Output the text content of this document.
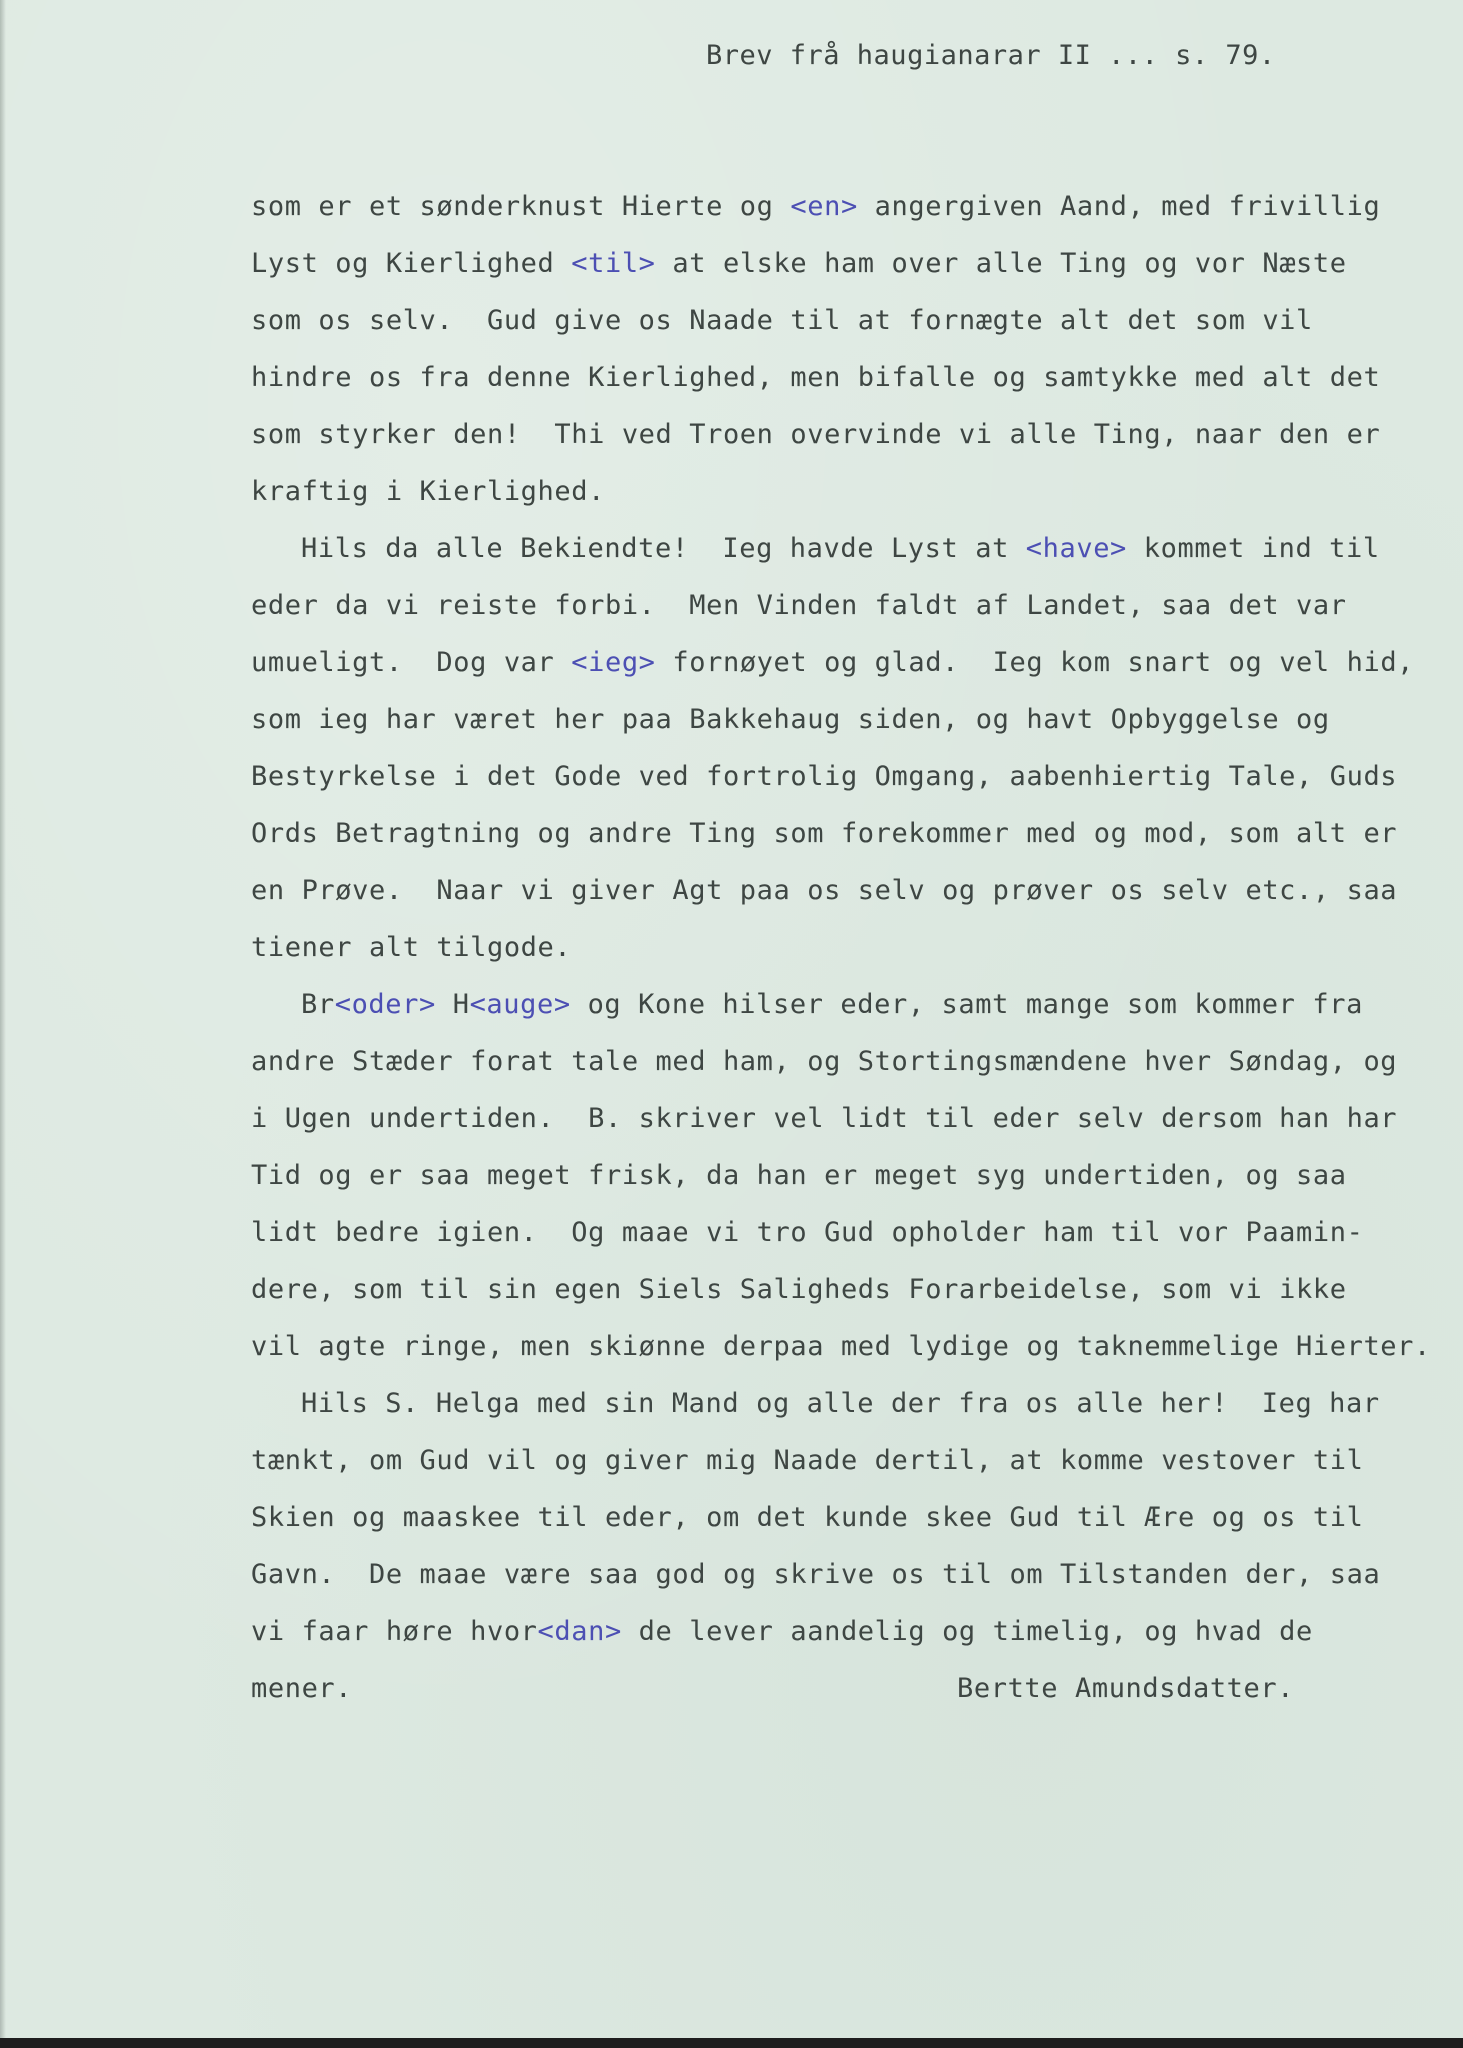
Brev frå haugianarar II ... s. 79.
som er et sønderknust Hierte og <en> angergiven Aand, med frivillig
Lyst og Kierlighed <til> at elske ham over alle Ting og vor Næste
som os selv.  Gud give os Naade til at fornægte alt det som vil
hindre os fra denne Kierlighed, men bifalle og samtykke med alt det
som styrker den!  Thi ved Troen overvinde vi alle Ting, naar den er
kraftig i Kierlighed.
Hils da alle Bekiendte!  Ieg havde Lyst at <have> kommet ind til
eder da vi reiste forbi.  Men Vinden faldt af Landet, saa det var
umueligt.  Dog var <ieg> fornøyet og glad.  Ieg kom snart og vel hid,
som ieg har været her paa Bakkehaug siden, og havt Opbyggelse og
Bestyrkelse i det Gode ved fortrolig Omgang, aabenhiertig Tale, Guds
Ords Betragtning og andre Ting som forekommer med og mod, som alt er
en Prøve.  Naar vi giver Agt paa os selv og prøver os selv etc., saa
tiener alt tilgode.
Br<oder> H<auge> og Kone hilser eder, samt mange som kommer fra
andre Stæder forat tale med ham, og Stortingsmændene hver Søndag, og
i Ugen undertiden.  B. skriver vel lidt til eder selv dersom han har
Tid og er saa meget frisk, da han er meget syg undertiden, og saa
lidt bedre igien.  Og maae vi tro Gud opholder ham til vor Paamin-
dere, som til sin egen Siels Saligheds Forarbeidelse, som vi ikke
vil agte ringe, men skiønne derpaa med lydige og taknemmelige Hierter.
Hils S. Helga med sin Mand og alle der fra os alle her!  Ieg har
tænkt, om Gud vil og giver mig Naade dertil, at komme vestover til
Skien og maaskee til eder, om det kunde skee Gud til Ære og os til
Gavn.  De maae være saa god og skrive os til om Tilstanden der, saa
vi faar høre hvor<dan> de lever aandelig og timelig, og hvad de
mener.	Bertte Amundsdatter.
